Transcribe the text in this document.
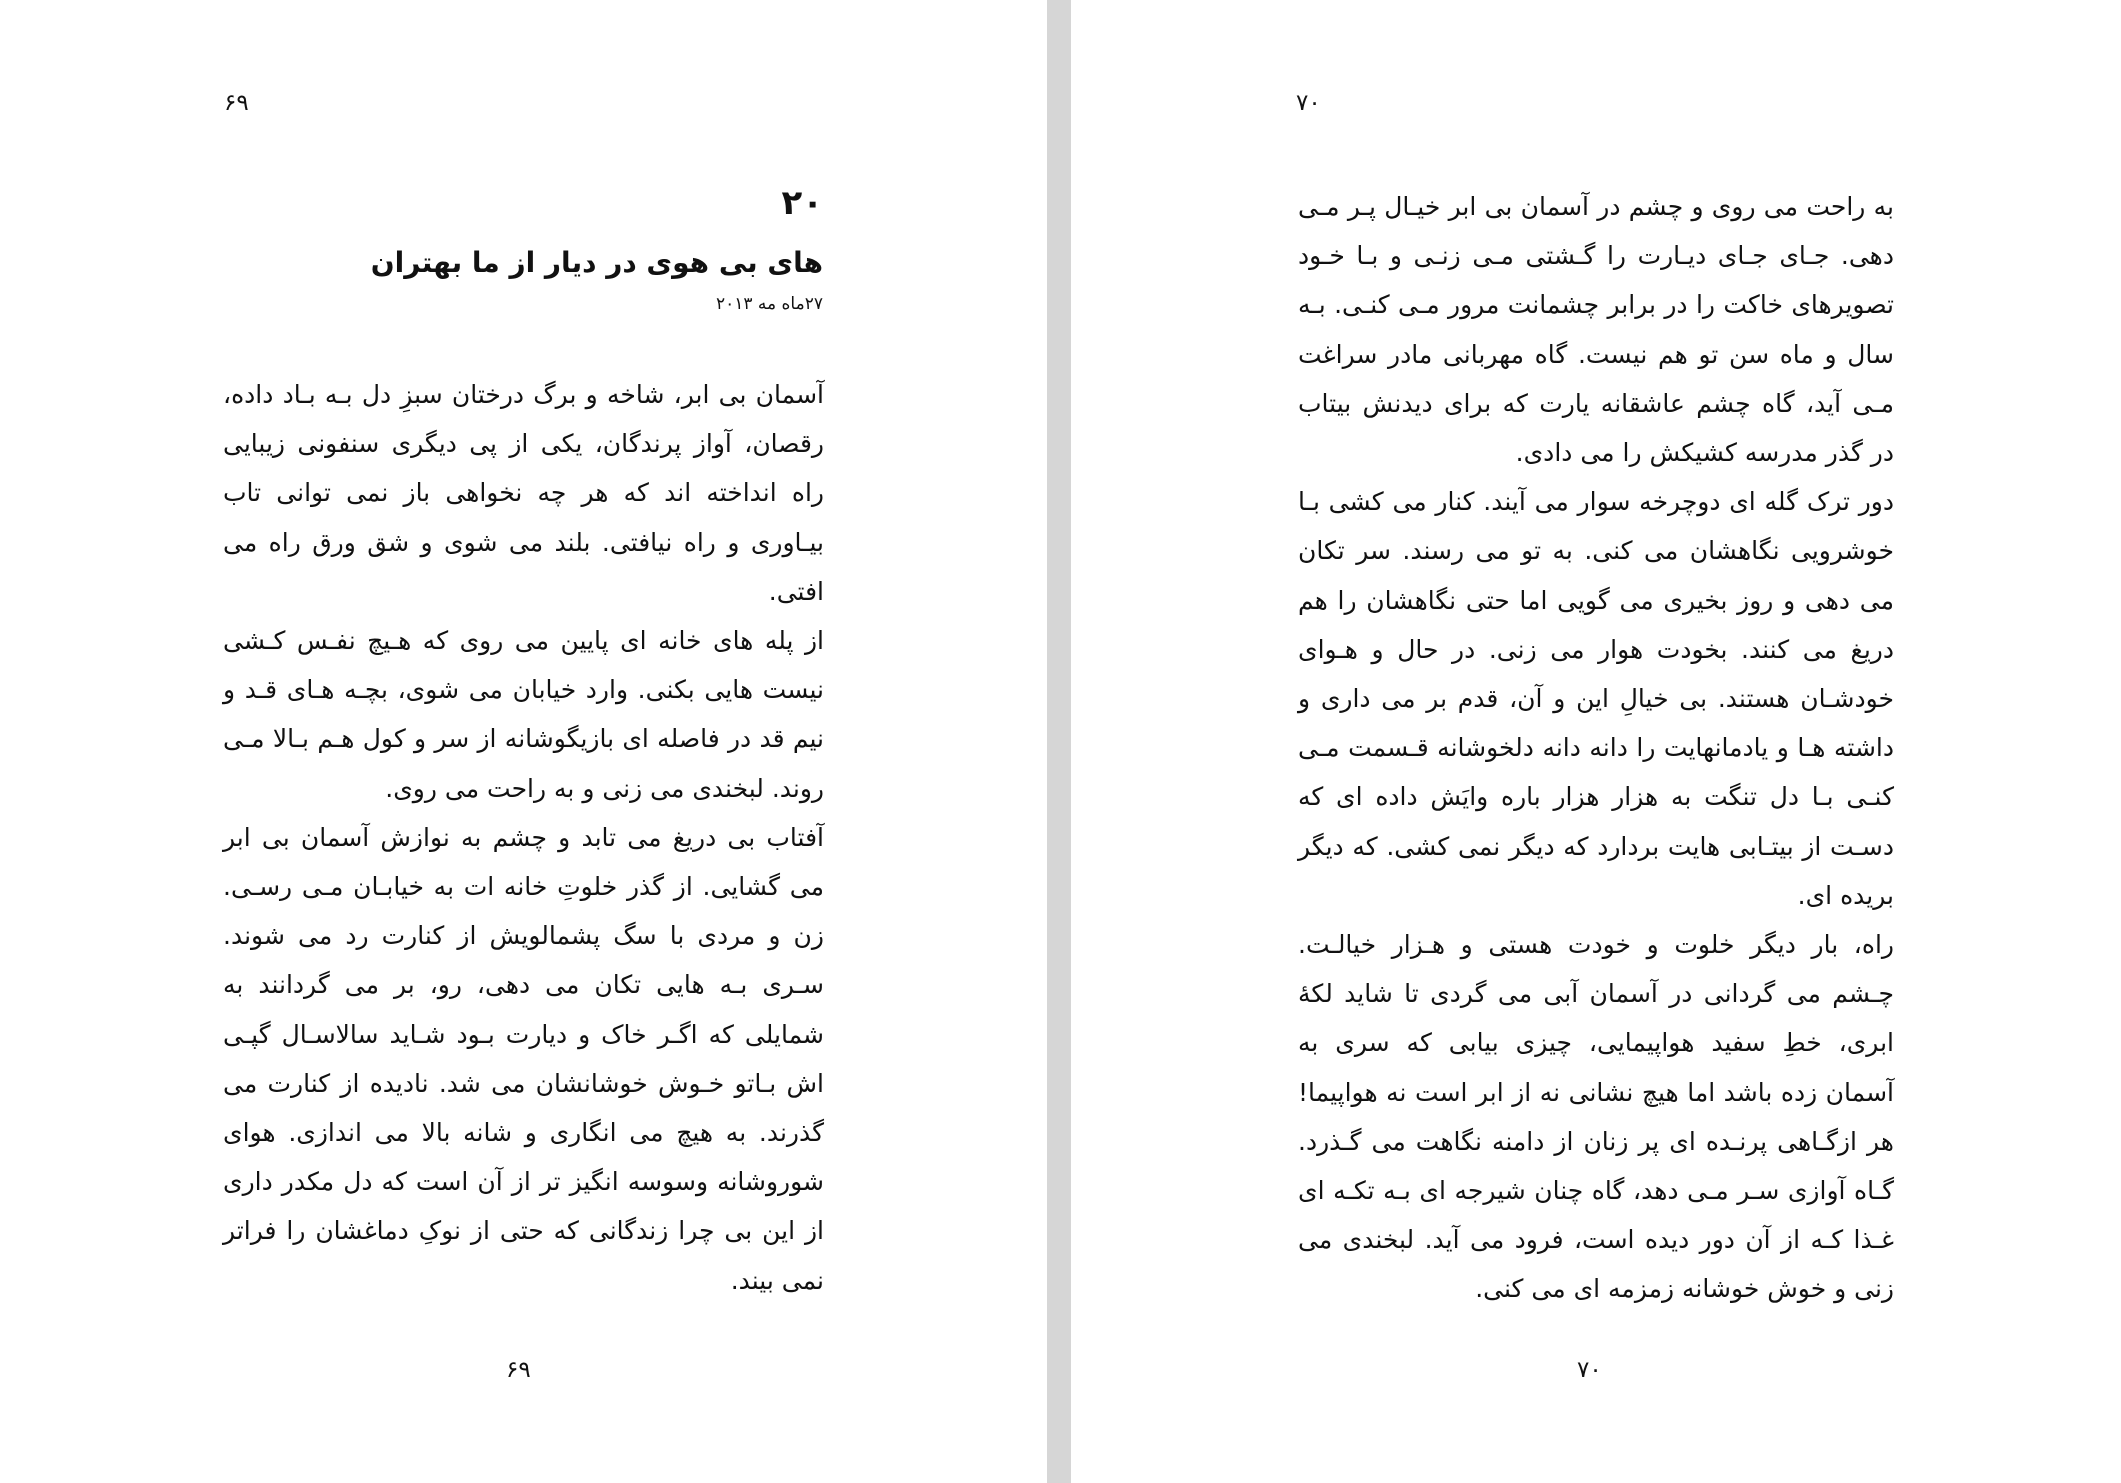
۶۹
۲۰
های بی هوی در دیار از ما بهتران
۲۷ماه مه ۲۰۱۳

آسمان بی ابر، شاخه و برگ درختان سبزِ دل بـه بـاد داده، رقصان، آواز پرندگان، یکی از پی دیگری سنفونی زیبایی راه انداخته اند که هر چه نخواهی باز نمی توانی تاب بیـاوری و راه نیافتی. بلند می شوی و شق ورق راه می افتی.

از پله های خانه ای پایین می روی که هـیچ نفـس کـشی نیست هایی بکنی. وارد خیابان می شوی، بچـه هـای قـد و نیم قد در فاصله ای بازیگوشانه از سر و کول هـم بـالا مـی روند. لبخندی می زنی و به راحت می روی.

آفتاب بی دریغ می تابد و چشم به نوازش آسمان بی ابر می گشایی. از گذر خلوتِ خانه ات به خیابـان مـی رسـی. زن و مردی با سگ پشمالویش از کنارت رد می شوند. سـری بـه هایی تکان می دهی، رو، بر می گردانند به شمایلی که اگـر خاک و دیارت بـود شـاید سالاسـال گپـی اش بـاتو خـوش خوشانشان می شد. نادیده از کنارت می گذرند. به هیچ می انگاری و شانه بالا می اندازی. هوای شوروشانه وسوسه انگیز تر از آن است که دل مکدر داری از این بی چرا زندگانی که حتی از نوکِ دماغشان را فراتر نمی بیند.

۶۹
۷۰

به راحت می روی و چشم در آسمان بی ابر خیـال پـر مـی دهی. جـای جـای دیـارت را گـشتی مـی زنـی و بـا خـود تصویرهای خاکت را در برابر چشمانت مرور مـی کنـی. بـه سال و ماه سن تو هم نیست. گاه مهربانی مادر سراغت مـی آید، گاه چشم عاشقانه یارت که برای دیدنش بیتاب در گذر مدرسه کشیکش را می دادی.

دور ترک گله ای دوچرخه سوار می آیند. کنار می کشی بـا خوشرویی نگاهشان می کنی. به تو می رسند. سر تکان می دهی و روز بخیری می گویی اما حتی نگاهشان را هم دریغ می کنند. بخودت هوار می زنی. در حال و هـوای خودشـان هستند. بی خیالِ این و آن، قدم بر می داری و داشته هـا و یادمانهایت را دانه دانه دلخوشانه قـسمت مـی کنـی بـا دل تنگت به هزار هزار باره وایَش داده ای که دسـت از بیتـابی هایت بردارد که دیگر نمی کشی. که دیگر بریده ای.

راه، بار دیگر خلوت و خودت هستی و هـزار خیالـت. چـشم می گردانی در آسمان آبی می گردی تا شاید لکۀ ابری، خطِ سفید هواپیمایی، چیزی بیابی که سری به آسمان زده باشد اما هیچ نشانی نه از ابر است نه هواپیما! هر ازگـاهی پرنـده ای پر زنان از دامنه نگاهت می گـذرد. گـاه آوازی سـر مـی دهد، گاه چنان شیرجه ای بـه تکـه ای غـذا کـه از آن دور دیده است، فرود می آید. لبخندی می زنی و خوش خوشانه زمزمه ای می کنی.

۷۰
